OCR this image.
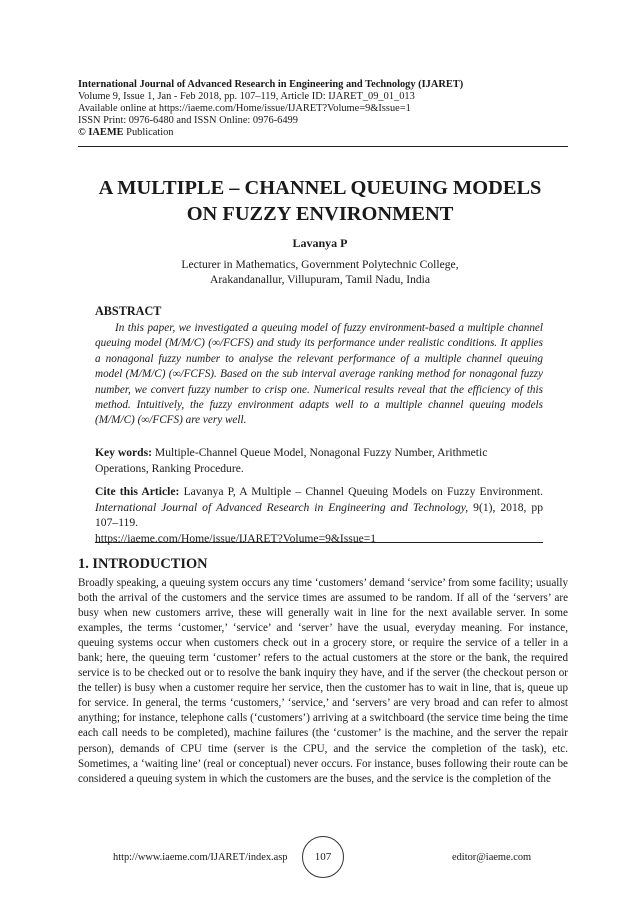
International Journal of Advanced Research in Engineering and Technology (IJARET)
Volume 9, Issue 1, Jan - Feb 2018, pp. 107–119, Article ID: IJARET_09_01_013
Available online at https://iaeme.com/Home/issue/IJARET?Volume=9&Issue=1
ISSN Print: 0976-6480 and ISSN Online: 0976-6499
© IAEME Publication
A MULTIPLE – CHANNEL QUEUING MODELS
ON FUZZY ENVIRONMENT
Lavanya P
Lecturer in Mathematics, Government Polytechnic College,
Arakandanallur, Villupuram, Tamil Nadu, India
ABSTRACT
In this paper, we investigated a queuing model of fuzzy environment-based a multiple channel queuing model (M/M/C) (∞/FCFS) and study its performance under realistic conditions. It applies a nonagonal fuzzy number to analyse the relevant performance of a multiple channel queuing model (M/M/C) (∞/FCFS). Based on the sub interval average ranking method for nonagonal fuzzy number, we convert fuzzy number to crisp one. Numerical results reveal that the efficiency of this method. Intuitively, the fuzzy environment adapts well to a multiple channel queuing models (M/M/C) (∞/FCFS) are very well.
Key words: Multiple-Channel Queue Model, Nonagonal Fuzzy Number, Arithmetic Operations, Ranking Procedure.
Cite this Article: Lavanya P, A Multiple – Channel Queuing Models on Fuzzy Environment. International Journal of Advanced Research in Engineering and Technology, 9(1), 2018, pp 107–119.
https://iaeme.com/Home/issue/IJARET?Volume=9&Issue=1
1. INTRODUCTION
Broadly speaking, a queuing system occurs any time ‘customers’ demand ‘service’ from some facility; usually both the arrival of the customers and the service times are assumed to be random. If all of the ‘servers’ are busy when new customers arrive, these will generally wait in line for the next available server. In some examples, the terms ‘customer,’ ‘service’ and ‘server’ have the usual, everyday meaning. For instance, queuing systems occur when customers check out in a grocery store, or require the service of a teller in a bank; here, the queuing term ‘customer’ refers to the actual customers at the store or the bank, the required service is to be checked out or to resolve the bank inquiry they have, and if the server (the checkout person or the teller) is busy when a customer require her service, then the customer has to wait in line, that is, queue up for service. In general, the terms ‘customers,’ ‘service,’ and ‘servers’ are very broad and can refer to almost anything; for instance, telephone calls (‘customers’) arriving at a switchboard (the service time being the time each call needs to be completed), machine failures (the ‘customer’ is the machine, and the server the repair person), demands of CPU time (server is the CPU, and the service the completion of the task), etc. Sometimes, a ‘waiting line’ (real or conceptual) never occurs. For instance, buses following their route can be considered a queuing system in which the customers are the buses, and the service is the completion of the
http://www.iaeme.com/IJARET/index.asp	107	editor@iaeme.com
